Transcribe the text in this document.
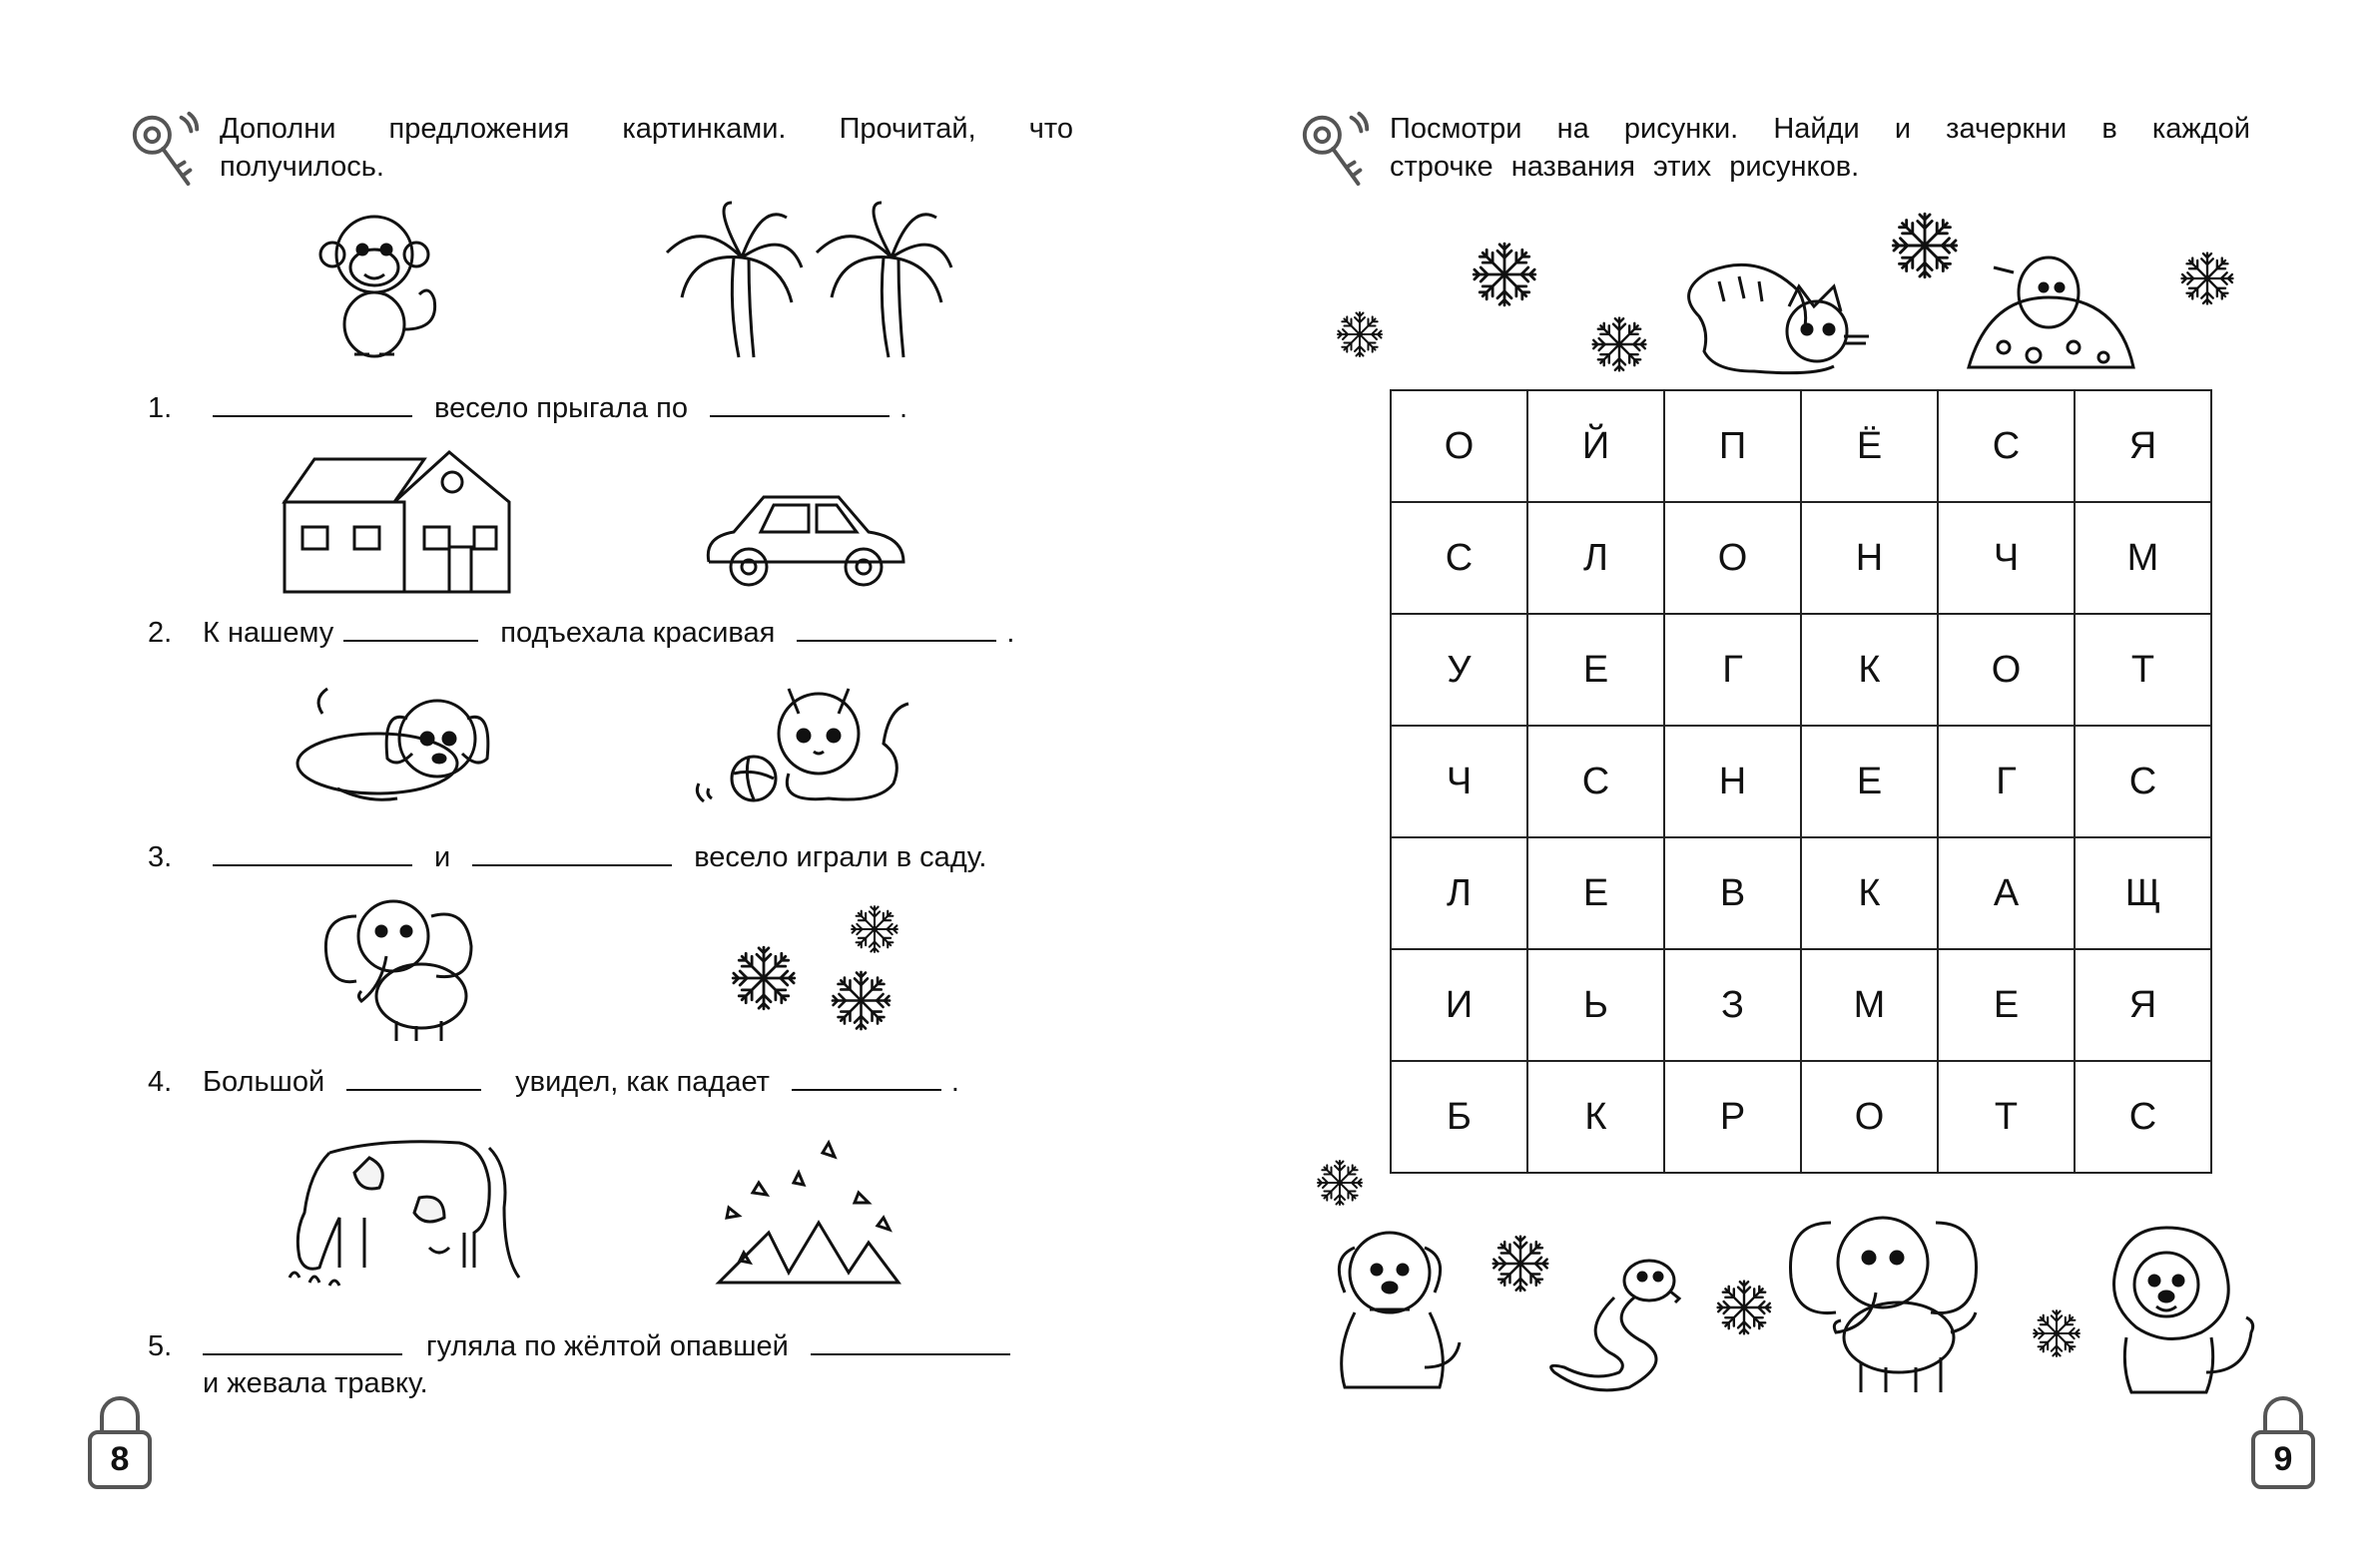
Дополни предложения картинками. Прочитай, что
получилось.
1.	весело прыгала по	.
2. К нашему	подъехала красивая	.
3.	и	весело играли в саду.
4. Большой	увидел, как падает	.
5.	гуляла по жёлтой опавшей
и жевала травку.
8
Посмотри на рисунки. Найди и зачеркни в каждой
строчке названия этих рисунков.
О	Й	П	Ё	С	Я
С	Л	О	Н	Ч	М
У	Е	Г	К	О	Т
Ч	С	Н	Е	Г	С
Л	Е	В	К	А	Щ
И	Ь	З	М	Е	Я
Б	К	Р	О	Т	С
9
